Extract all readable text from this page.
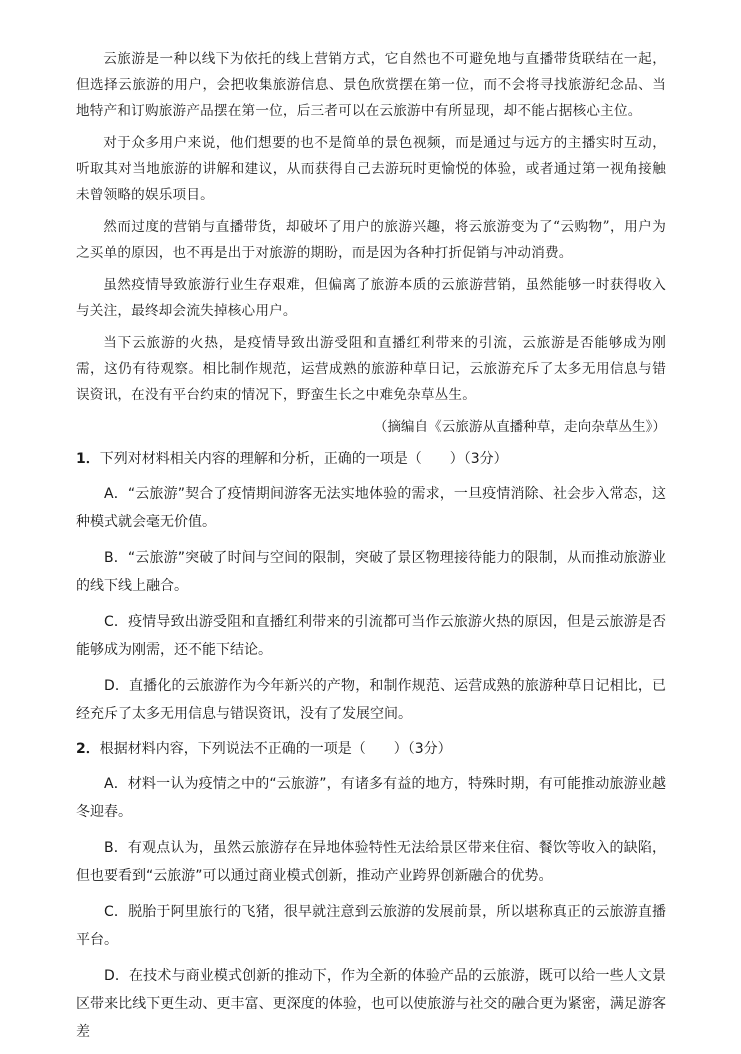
云旅游是一种以线下为依托的线上营销方式，它自然也不可避免地与直播带货联结在一起，但选择云旅游的用户，会把收集旅游信息、景色欣赏摆在第一位，而不会将寻找旅游纪念品、当地特产和订购旅游产品摆在第一位，后三者可以在云旅游中有所显现，却不能占据核心主位。

对于众多用户来说，他们想要的也不是简单的景色视频，而是通过与远方的主播实时互动，听取其对当地旅游的讲解和建议，从而获得自己去游玩时更愉悦的体验，或者通过第一视角接触未曾领略的娱乐项目。

然而过度的营销与直播带货，却破坏了用户的旅游兴趣，将云旅游变为了“云购物”，用户为之买单的原因，也不再是出于对旅游的期盼，而是因为各种打折促销与冲动消费。

虽然疫情导致旅游行业生存艰难，但偏离了旅游本质的云旅游营销，虽然能够一时获得收入与关注，最终却会流失掉核心用户。

当下云旅游的火热，是疫情导致出游受阻和直播红利带来的引流，云旅游是否能够成为刚需，这仍有待观察。相比制作规范，运营成熟的旅游种草日记，云旅游充斥了太多无用信息与错误资讯，在没有平台约束的情况下，野蛮生长之中难免杂草丛生。

（摘编自《云旅游从直播种草，走向杂草丛生》）

1．下列对材料相关内容的理解和分析，正确的一项是（　　）（3分）

A．“云旅游”契合了疫情期间游客无法实地体验的需求，一旦疫情消除、社会步入常态，这种模式就会毫无价值。

B．“云旅游”突破了时间与空间的限制，突破了景区物理接待能力的限制，从而推动旅游业的线下线上融合。

C．疫情导致出游受阻和直播红利带来的引流都可当作云旅游火热的原因，但是云旅游是否能够成为刚需，还不能下结论。

D．直播化的云旅游作为今年新兴的产物，和制作规范、运营成熟的旅游种草日记相比，已经充斥了太多无用信息与错误资讯，没有了发展空间。

2．根据材料内容，下列说法不正确的一项是（　　）（3分）

A．材料一认为疫情之中的“云旅游”，有诸多有益的地方，特殊时期，有可能推动旅游业越冬迎春。

B．有观点认为，虽然云旅游存在异地体验特性无法给景区带来住宿、餐饮等收入的缺陷，但也要看到“云旅游”可以通过商业模式创新，推动产业跨界创新融合的优势。

C．脱胎于阿里旅行的飞猪，很早就注意到云旅游的发展前景，所以堪称真正的云旅游直播平台。

D．在技术与商业模式创新的推动下，作为全新的体验产品的云旅游，既可以给一些人文景区带来比线下更生动、更丰富、更深度的体验，也可以使旅游与社交的融合更为紧密，满足游客差
